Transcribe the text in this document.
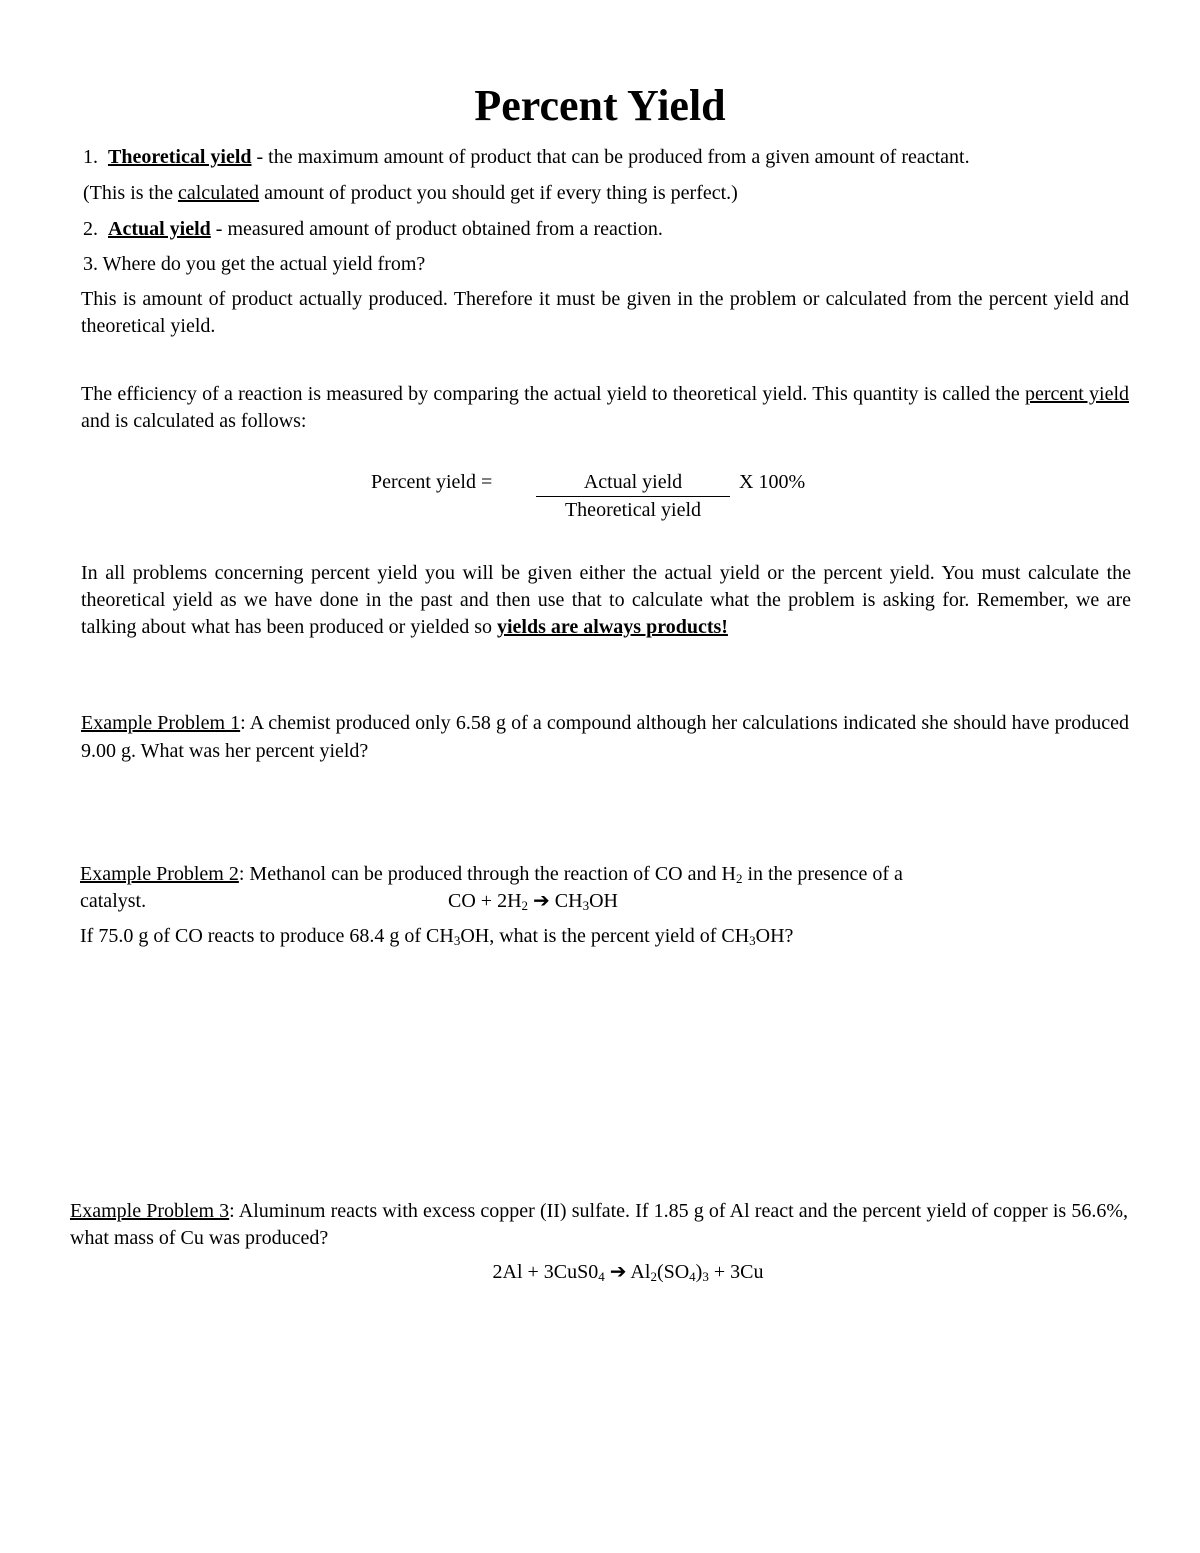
Percent Yield
1. Theoretical yield - the maximum amount of product that can be produced from a given amount of reactant.
(This is the calculated amount of product you should get if every thing is perfect.)
2. Actual yield - measured amount of product obtained from a reaction.
3. Where do you get the actual yield from?
This is amount of product actually produced. Therefore it must be given in the problem or calculated from the percent yield and theoretical yield.
The efficiency of a reaction is measured by comparing the actual yield to theoretical yield. This quantity is called the percent yield and is calculated as follows:
Percent yield =	Actual yield
Theoretical yield
X 100%
In all problems concerning percent yield you will be given either the actual yield or the percent yield. You must calculate the theoretical yield as we have done in the past and then use that to calculate what the problem is asking for. Remember, we are talking about what has been produced or yielded so yields are always products!
Example Problem 1: A chemist produced only 6.58 g of a compound although her calculations indicated she should have produced 9.00 g. What was her percent yield?
Example Problem 2: Methanol can be produced through the reaction of CO and $H_2$ in the presence of a
catalyst.	CO + $2H_2$ ➔ $CH_3OH$
If 75.0 g of CO reacts to produce 68.4 g of $CH_3OH$, what is the percent yield of $CH_3OH$?
Example Problem 3: Aluminum reacts with excess copper (II) sulfate. If 1.85 g of Al react and the percent yield of copper is 56.6%, what mass of Cu was produced?
$2Al + 3CuS0_4$ ➔ $Al_2(SO_4)_3 + 3Cu$
